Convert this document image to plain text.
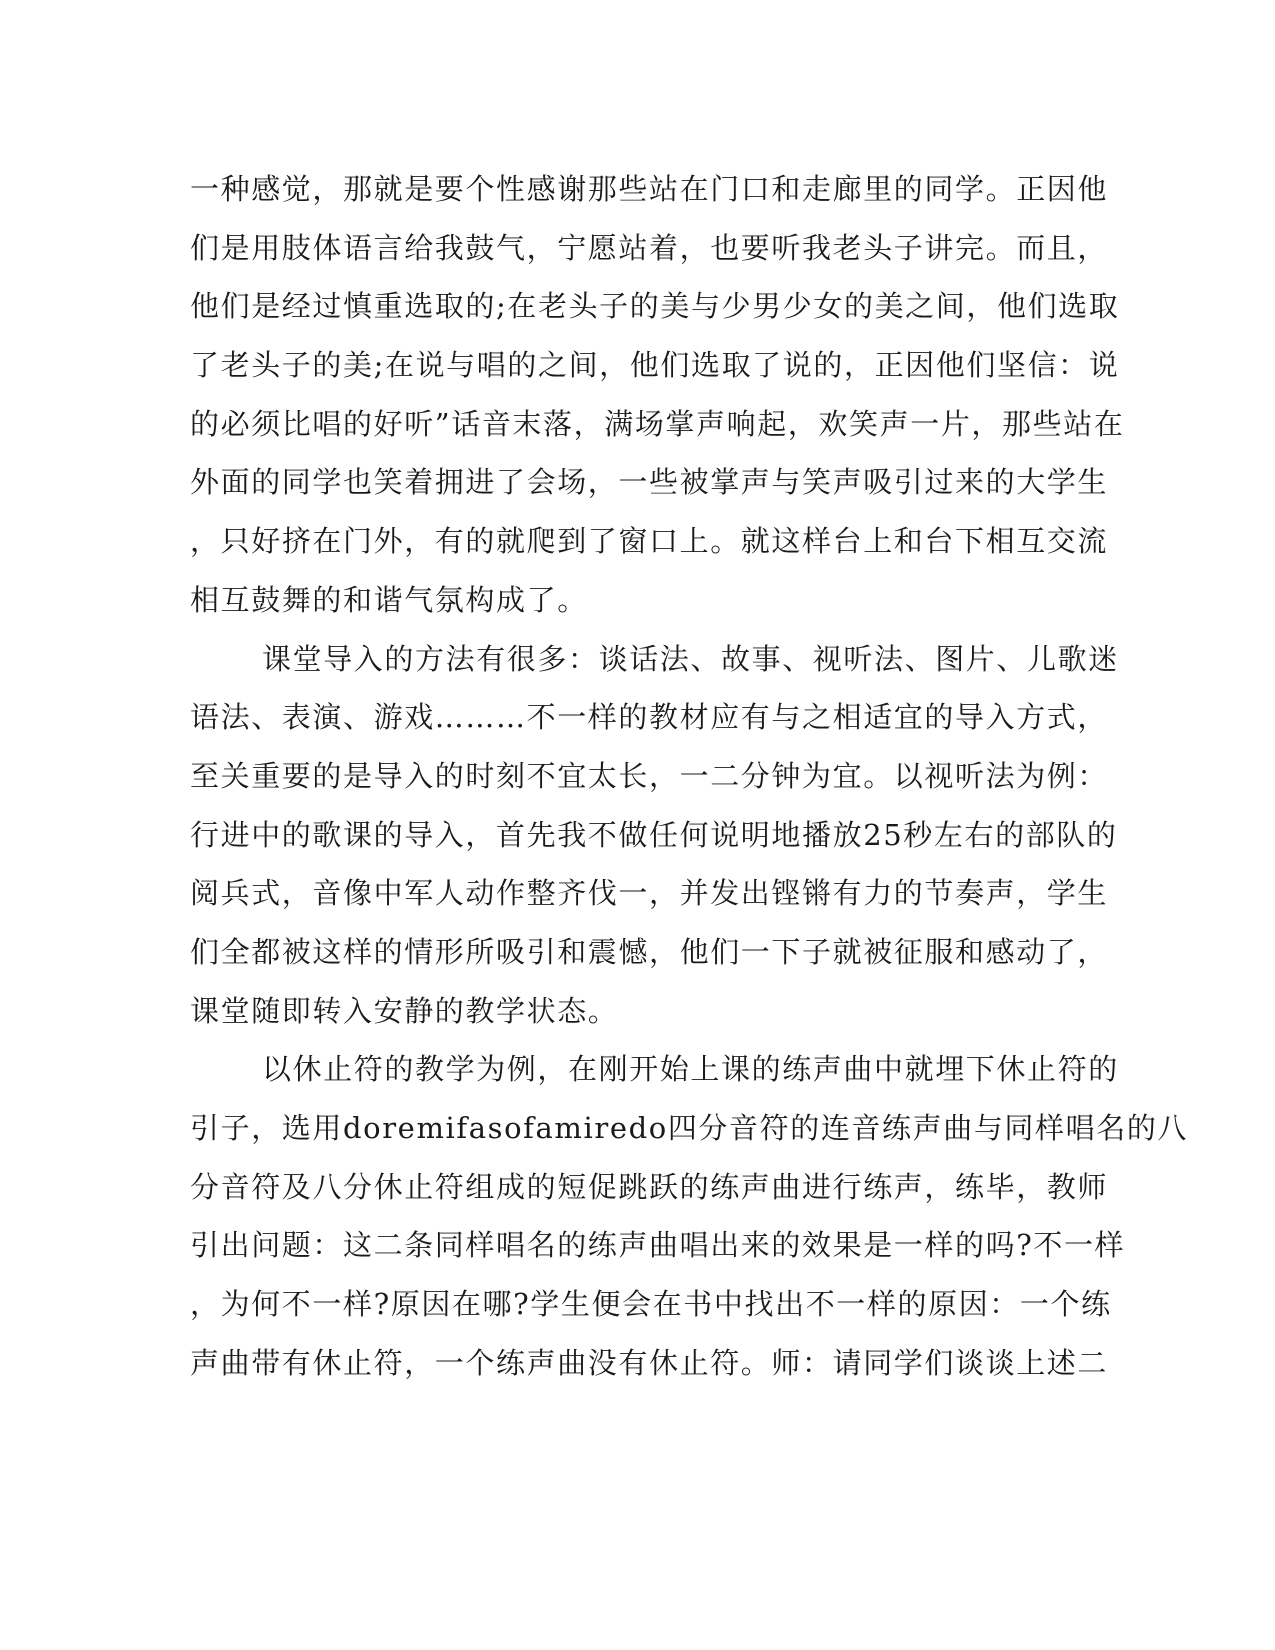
一种感觉，那就是要个性感谢那些站在门口和走廊里的同学。正因他
们是用肢体语言给我鼓气，宁愿站着，也要听我老头子讲完。而且，
他们是经过慎重选取的;在老头子的美与少男少女的美之间，他们选取
了老头子的美;在说与唱的之间，他们选取了说的，正因他们坚信：说
的必须比唱的好听”话音末落，满场掌声响起，欢笑声一片，那些站在
外面的同学也笑着拥进了会场，一些被掌声与笑声吸引过来的大学生
，只好挤在门外，有的就爬到了窗口上。就这样台上和台下相互交流
相互鼓舞的和谐气氛构成了。
课堂导入的方法有很多：谈话法、故事、视听法、图片、儿歌迷
语法、表演、游戏………不一样的教材应有与之相适宜的导入方式，
至关重要的是导入的时刻不宜太长，一二分钟为宜。以视听法为例：
行进中的歌课的导入，首先我不做任何说明地播放25秒左右的部队的
阅兵式，音像中军人动作整齐伐一，并发出铿锵有力的节奏声，学生
们全都被这样的情形所吸引和震憾，他们一下子就被征服和感动了，
课堂随即转入安静的教学状态。
以休止符的教学为例，在刚开始上课的练声曲中就埋下休止符的
引子，选用doremifasofamiredo四分音符的连音练声曲与同样唱名的八
分音符及八分休止符组成的短促跳跃的练声曲进行练声，练毕，教师
引出问题：这二条同样唱名的练声曲唱出来的效果是一样的吗?不一样
，为何不一样?原因在哪?学生便会在书中找出不一样的原因：一个练
声曲带有休止符，一个练声曲没有休止符。师：请同学们谈谈上述二
